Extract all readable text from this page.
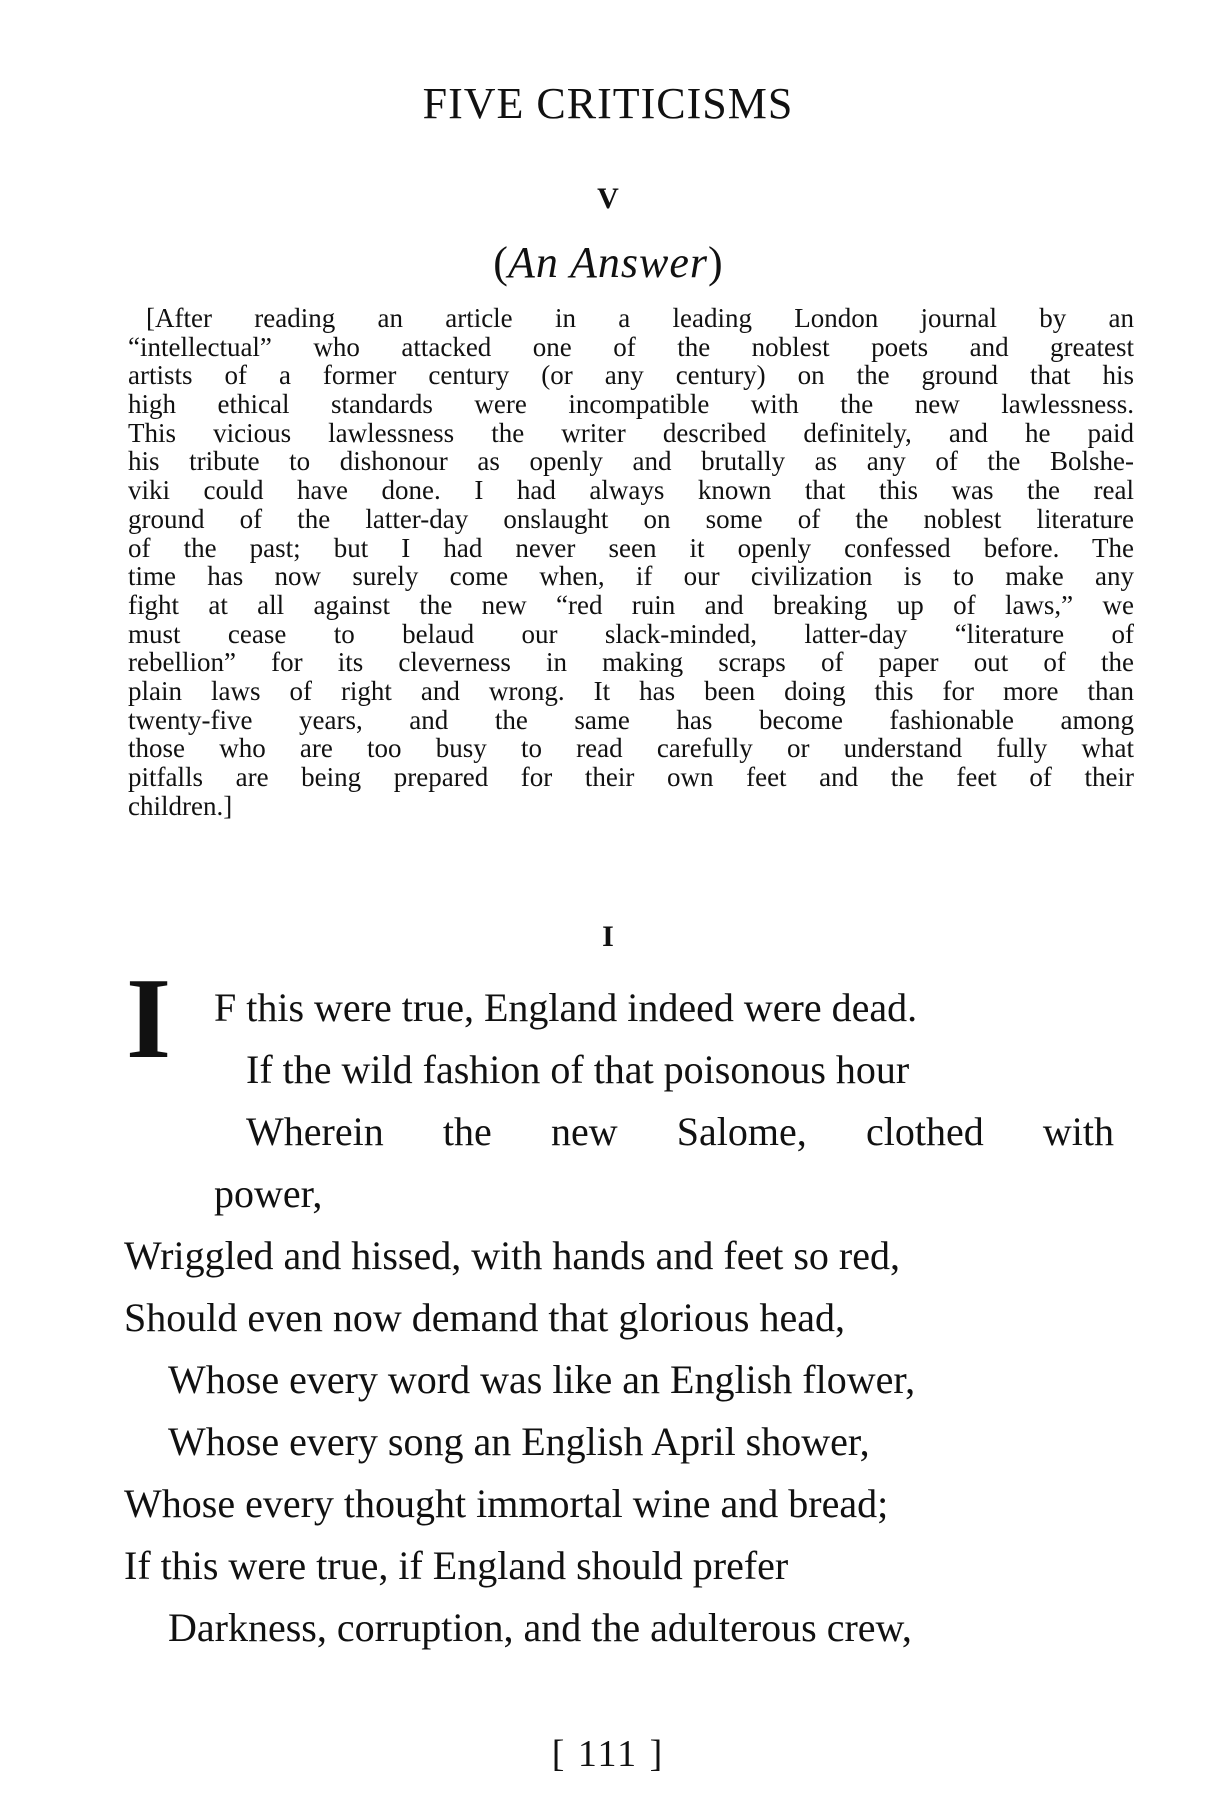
FIVE CRITICISMS
V
(An Answer)
[After reading an article in a leading London journal by an
“intellectual” who attacked one of the noblest poets and greatest
artists of a former century (or any century) on the ground that his
high ethical standards were incompatible with the new lawlessness.
This vicious lawlessness the writer described definitely, and he paid
his tribute to dishonour as openly and brutally as any of the Bolshe-
viki could have done. I had always known that this was the real
ground of the latter-day onslaught on some of the noblest literature
of the past; but I had never seen it openly confessed before. The
time has now surely come when, if our civilization is to make any
fight at all against the new “red ruin and breaking up of laws,” we
must cease to belaud our slack-minded, latter-day “literature of
rebellion” for its cleverness in making scraps of paper out of the
plain laws of right and wrong. It has been doing this for more than
twenty-five years, and the same has become fashionable among
those who are too busy to read carefully or understand fully what
pitfalls are being prepared for their own feet and the feet of their
children.]
I
I F this were true, England indeed were dead.
If the wild fashion of that poisonous hour
Wherein the new Salome, clothed with
power,
Wriggled and hissed, with hands and feet so red,
Should even now demand that glorious head,
Whose every word was like an English flower,
Whose every song an English April shower,
Whose every thought immortal wine and bread;
If this were true, if England should prefer
Darkness, corruption, and the adulterous crew,
[ 111 ]
